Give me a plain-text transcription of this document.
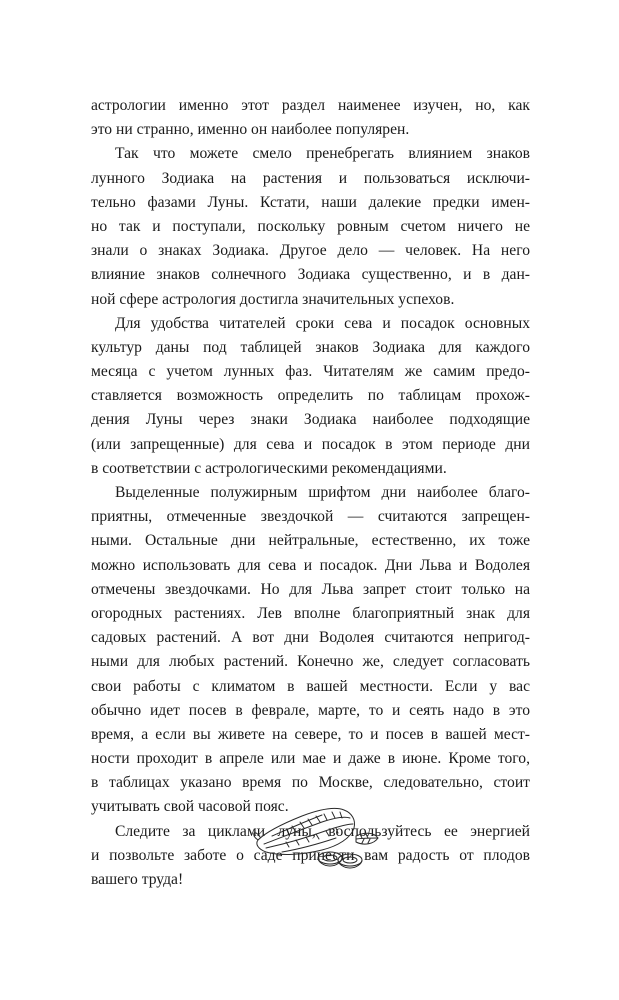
астрологии именно этот раздел наименее изучен, но, как
это ни странно, именно он наиболее популярен.
Так что можете смело пренебрегать влиянием знаков
лунного Зодиака на растения и пользоваться исключи-
тельно фазами Луны. Кстати, наши далекие предки имен-
но так и поступали, поскольку ровным счетом ничего не
знали о знаках Зодиака. Другое дело — человек. На него
влияние знаков солнечного Зодиака существенно, и в дан-
ной сфере астрология достигла значительных успехов.
Для удобства читателей сроки сева и посадок основных
культур даны под таблицей знаков Зодиака для каждого
месяца с учетом лунных фаз. Читателям же самим предо-
ставляется возможность определить по таблицам прохож-
дения Луны через знаки Зодиака наиболее подходящие
(или запрещенные) для сева и посадок в этом периоде дни
в соответствии с астрологическими рекомендациями.
Выделенные полужирным шрифтом дни наиболее благо-
приятны, отмеченные звездочкой — считаются запрещен-
ными. Остальные дни нейтральные, естественно, их тоже
можно использовать для сева и посадок. Дни Льва и Водолея
отмечены звездочками. Но для Льва запрет стоит только на
огородных растениях. Лев вполне благоприятный знак для
садовых растений. А вот дни Водолея считаются непригод-
ными для любых растений. Конечно же, следует согласовать
свои работы с климатом в вашей местности. Если у вас
обычно идет посев в феврале, марте, то и сеять надо в это
время, а если вы живете на севере, то и посев в вашей мест-
ности проходит в апреле или мае и даже в июне. Кроме того,
в таблицах указано время по Москве, следовательно, стоит
учитывать свой часовой пояс.
Следите за циклами луны, воспользуйтесь ее энергией
и позвольте заботе о саде принести вам радость от плодов
вашего труда!
